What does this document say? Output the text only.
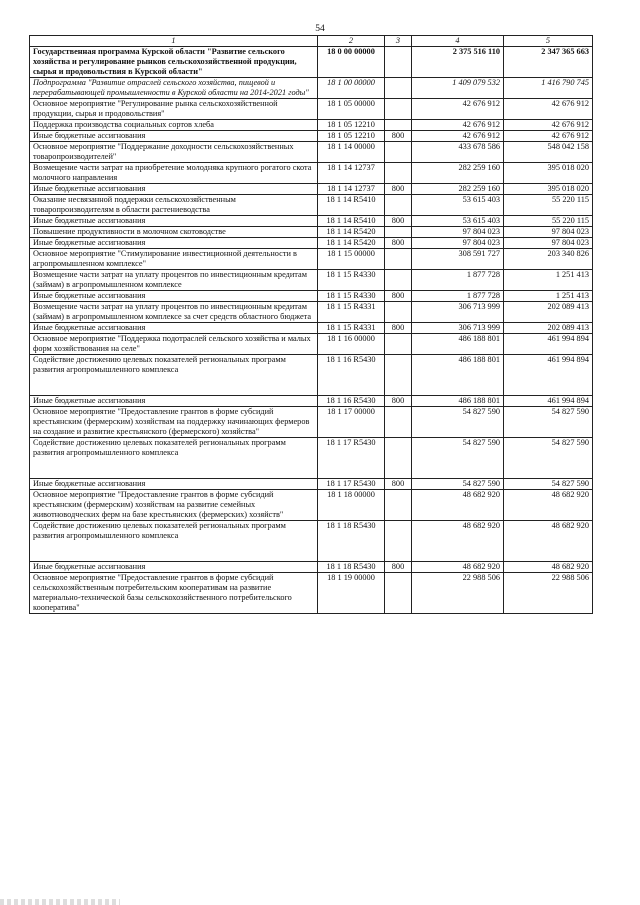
54
1	2	3	4	5
Государственная программа Курской области "Развитие сельского хозяйства и регулирование рынков сельскохозяйственной продукции, сырья и продовольствия в Курской области"	18 0 00 00000		2 375 516 110	2 347 365 663
Подпрограмма "Развитие отраслей сельского хозяйства, пищевой и перерабатывающей промышленности в Курской области на 2014-2021 годы"	18 1 00 00000		1 409 079 532	1 416 790 745
Основное мероприятие "Регулирование рынка сельскохозяйственной продукции, сырья и продовольствия"	18 1 05 00000		42 676 912	42 676 912
Поддержка производства социальных сортов хлеба	18 1 05 12210		42 676 912	42 676 912
Иные бюджетные ассигнования	18 1 05 12210	800	42 676 912	42 676 912
Основное мероприятие "Поддержание доходности сельскохозяйственных товаропроизводителей"	18 1 14 00000		433 678 586	548 042 158
Возмещение части затрат на приобретение молодняка крупного рогатого скота молочного направления	18 1 14 12737		282 259 160	395 018 020
Иные бюджетные ассигнования	18 1 14 12737	800	282 259 160	395 018 020
Оказание несвязанной поддержки сельскохозяйственным товаропроизводителям в области растениеводства	18 1 14 R5410		53 615 403	55 220 115
Иные бюджетные ассигнования	18 1 14 R5410	800	53 615 403	55 220 115
Повышение продуктивности в молочном скотоводстве	18 1 14 R5420		97 804 023	97 804 023
Иные бюджетные ассигнования	18 1 14 R5420	800	97 804 023	97 804 023
Основное мероприятие "Стимулирование инвестиционной деятельности в агропромышленном комплексе"	18 1 15 00000		308 591 727	203 340 826
Возмещение части затрат на уплату процентов по инвестиционным кредитам (займам) в агропромышленном комплексе	18 1 15 R4330		1 877 728	1 251 413
Иные бюджетные ассигнования	18 1 15 R4330	800	1 877 728	1 251 413
Возмещение части затрат на уплату процентов по инвестиционным кредитам (займам) в агропромышленном комплексе за счет средств областного бюджета	18 1 15 R4331		306 713 999	202 089 413
Иные бюджетные ассигнования	18 1 15 R4331	800	306 713 999	202 089 413
Основное мероприятие "Поддержка подотраслей сельского хозяйства и малых форм хозяйствования на селе"	18 1 16 00000		486 188 801	461 994 894
Содействие достижению целевых показателей региональных программ развития агропромышленного комплекса	18 1 16 R5430		486 188 801	461 994 894
Иные бюджетные ассигнования	18 1 16 R5430	800	486 188 801	461 994 894
Основное мероприятие "Предоставление грантов в форме субсидий крестьянским (фермерским) хозяйствам на поддержку начинающих фермеров на создание и развитие крестьянского (фермерского) хозяйства"	18 1 17 00000		54 827 590	54 827 590
Содействие достижению целевых показателей региональных программ развития агропромышленного комплекса	18 1 17 R5430		54 827 590	54 827 590
Иные бюджетные ассигнования	18 1 17 R5430	800	54 827 590	54 827 590
Основное мероприятие "Предоставление грантов в форме субсидий крестьянским (фермерским) хозяйствам на развитие семейных животноводческих ферм на базе крестьянских (фермерских) хозяйств"	18 1 18 00000		48 682 920	48 682 920
Содействие достижению целевых показателей региональных программ развития агропромышленного комплекса	18 1 18 R5430		48 682 920	48 682 920
Иные бюджетные ассигнования	18 1 18 R5430	800	48 682 920	48 682 920
Основное мероприятие "Предоставление грантов в форме субсидий сельскохозяйственным потребительским кооперативам на развитие материально-технической базы сельскохозяйственного потребительского кооператива"	18 1 19 00000		22 988 506	22 988 506
